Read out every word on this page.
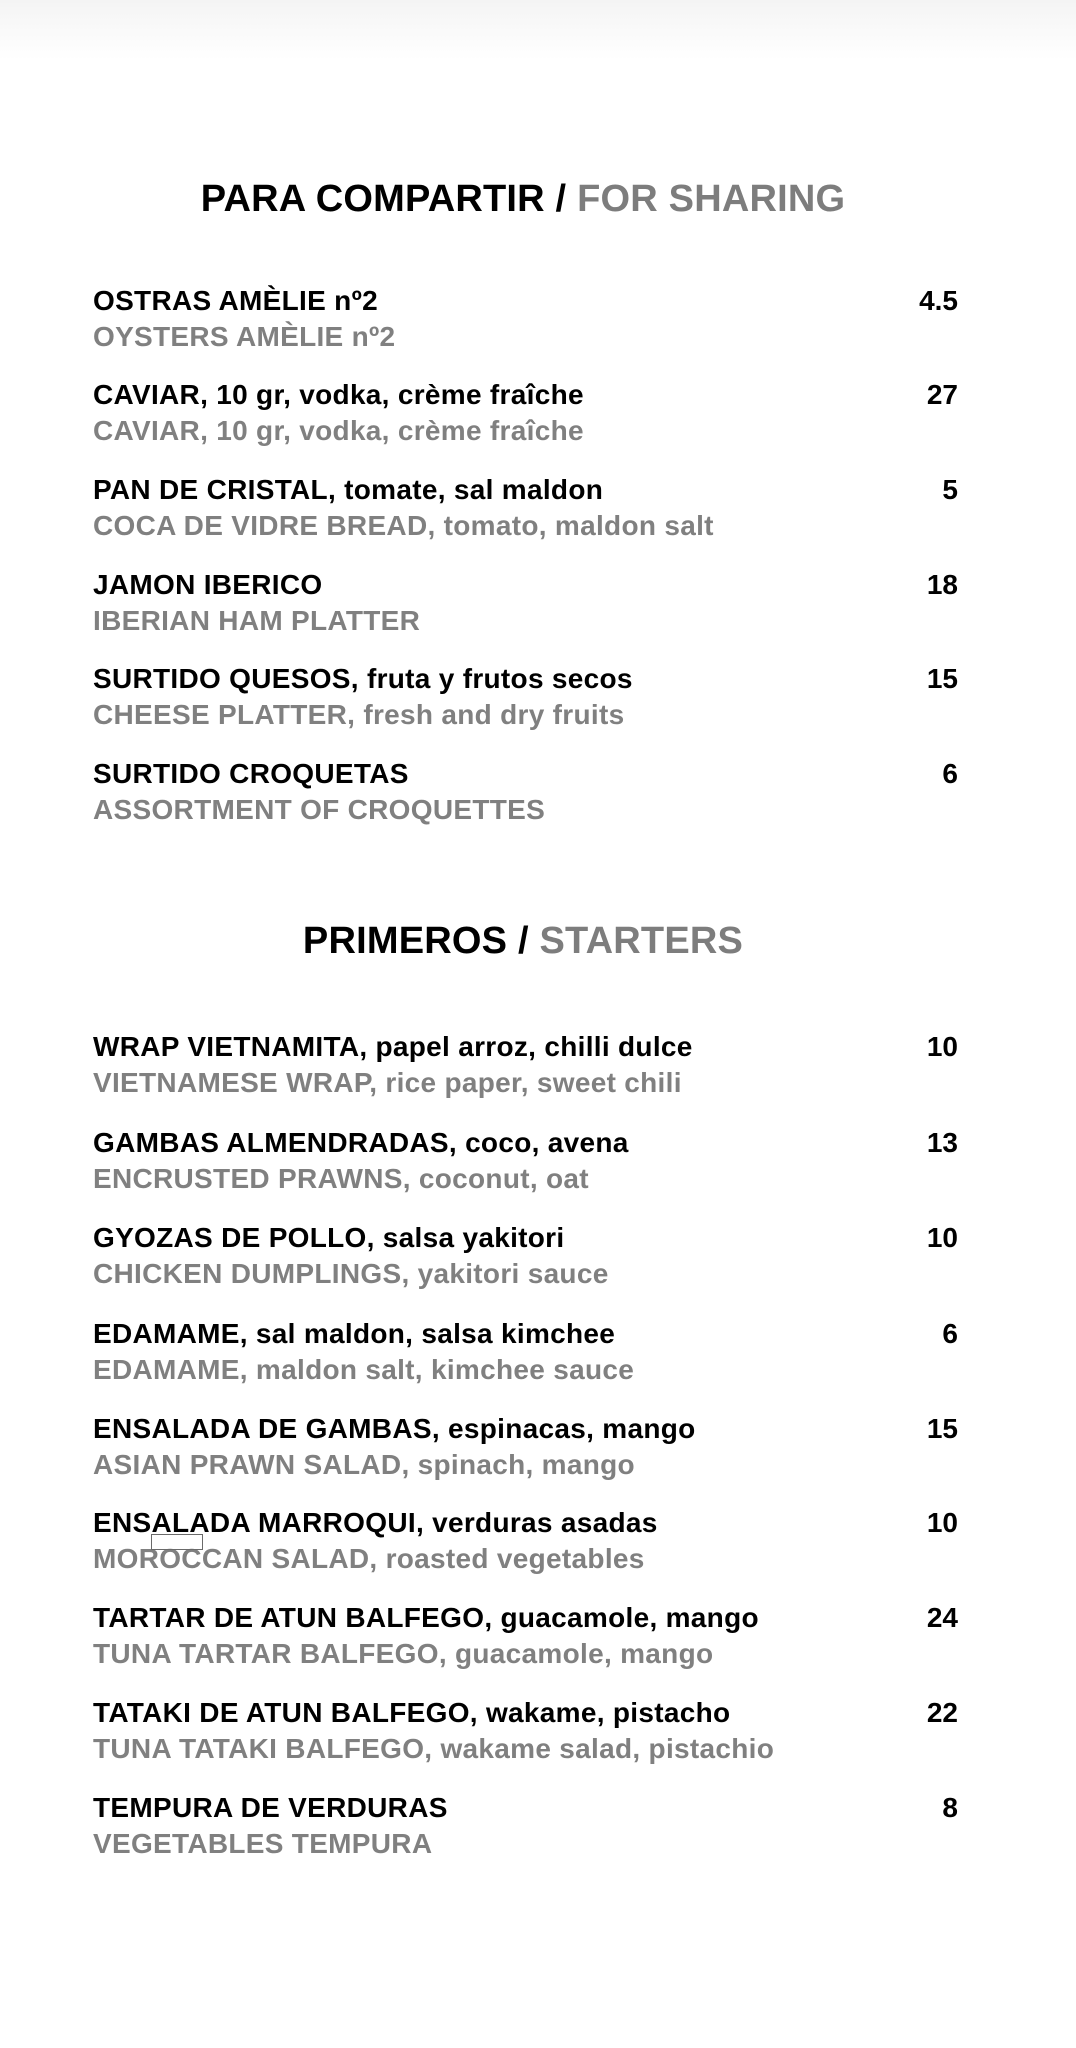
PARA COMPARTIR / FOR SHARING
OSTRAS AMÈLIE nº2
OYSTERS AMÈLIE nº2
4.5
CAVIAR, 10 gr, vodka, crème fraîche
CAVIAR, 10 gr, vodka, crème fraîche
27
PAN DE CRISTAL, tomate, sal maldon
COCA DE VIDRE BREAD, tomato, maldon salt
5
JAMON IBERICO
IBERIAN HAM PLATTER
18
SURTIDO QUESOS, fruta y frutos secos
CHEESE PLATTER, fresh and dry fruits
15
SURTIDO CROQUETAS
ASSORTMENT OF CROQUETTES
6
PRIMEROS / STARTERS
WRAP VIETNAMITA, papel arroz, chilli dulce
VIETNAMESE WRAP, rice paper, sweet chili
10
GAMBAS ALMENDRADAS, coco, avena
ENCRUSTED PRAWNS, coconut, oat
13
GYOZAS DE POLLO, salsa yakitori
CHICKEN DUMPLINGS, yakitori sauce
10
EDAMAME, sal maldon, salsa kimchee
EDAMAME, maldon salt, kimchee sauce
6
ENSALADA DE GAMBAS, espinacas, mango
ASIAN PRAWN SALAD, spinach, mango
15
ENSALADA MARROQUI, verduras asadas
MOROCCAN SALAD, roasted vegetables
10
TARTAR DE ATUN BALFEGO, guacamole, mango
TUNA TARTAR BALFEGO, guacamole, mango
24
TATAKI DE ATUN BALFEGO, wakame, pistacho
TUNA TATAKI BALFEGO, wakame salad, pistachio
22
TEMPURA DE VERDURAS
VEGETABLES TEMPURA
8
